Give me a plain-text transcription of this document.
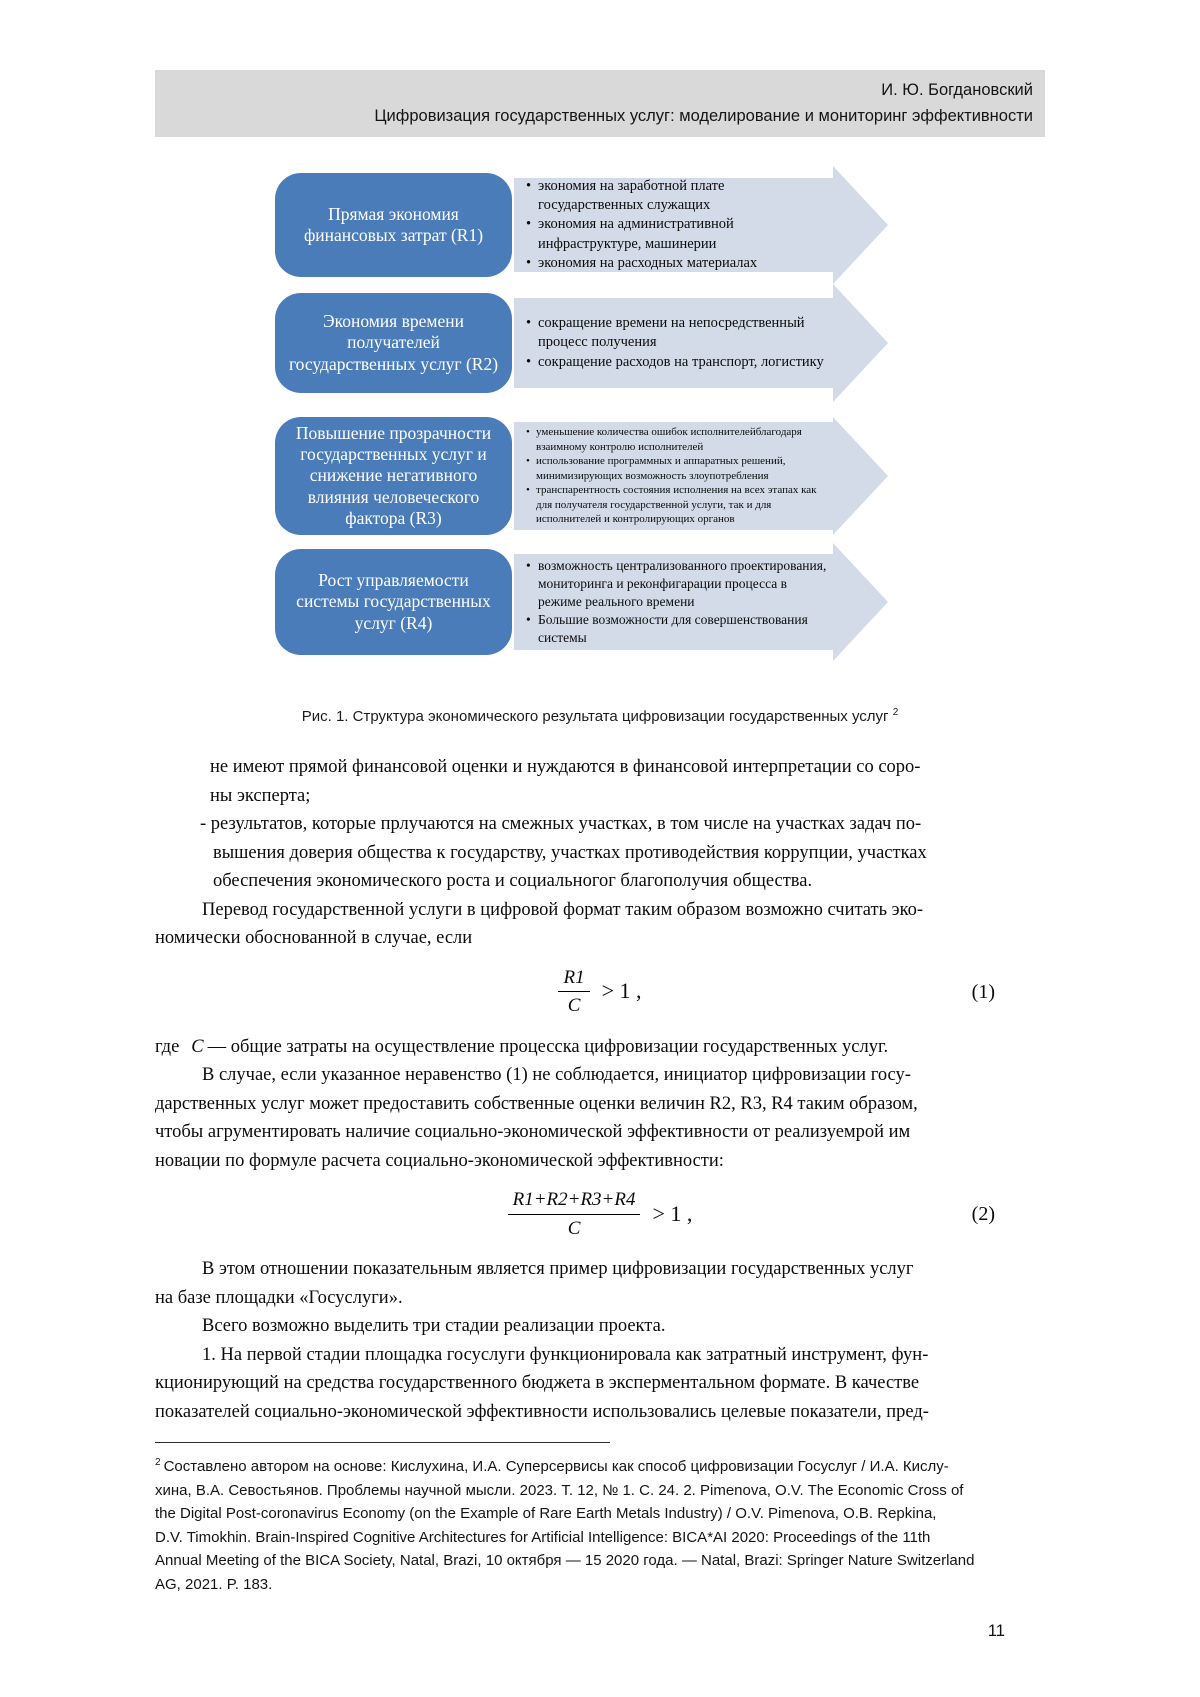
И. Ю. Богдановский
Цифровизация государственных услуг: моделирование и мониторинг эффективности
Прямая экономия финансовых затрат (R1)
• экономия на заработной плате государственных служащих
• экономия на административной инфраструктуре, машинерии
• экономия на расходных материалах
Экономия времени получателей государственных услуг (R2)
• сокращение времени на непосредственный процесс получения
• сокращение расходов на транспорт, логистику
Повышение прозрачности государственных услуг и снижение негативного влияния человеческого фактора (R3)
• уменьшение количества ошибок исполнителейблагодаря взаимному контролю исполнителей
• использование программных и аппаратных решений, минимизирующих возможность злоупотребления
• транспарентность состояния исполнения на всех этапах как для получателя государственной услуги, так и для исполнителей и контролирующих органов
Рост управляемости системы государственных услуг (R4)
• возможность централизованного проектирования, мониторинга и реконфигарации процесса в режиме реального времени
• Большие возможности для совершенствования системы
Рис. 1. Структура экономического результата цифровизации государственных услуг $^2$

не имеют прямой финансовой оценки и нуждаются в финансовой интерпретации со соро-
ны эксперта;

- результатов, которые прлучаются на смежных участках, в том числе на участках задач по-
вышения доверия общества к государству, участках противодействия коррупции, участках
обеспечения экономического роста и социальногог благополучия общества.

Перевод государственной услуги в цифровой формат таким образом возможно считать эко-
номически обоснованной в случае, если

$\frac{R1}{C} > 1$ ,	(1)

где C — общие затраты на осуществление процесска цифровизации государственных услуг.

В случае, если указанное неравенство (1) не соблюдается, инициатор цифровизации госу-
дарственных услуг может предоставить собственные оценки величин R2, R3, R4 таким образом,
чтобы агрументировать наличие социально-экономической эффективности от реализуемрой им
новации по формуле расчета социально-экономической эффективности:

$\frac{R1+R2+R3+R4}{C} > 1$ ,	(2)

В этом отношении показательным является пример цифровизации государственных услуг
на базе площадки «Госуслуги».

Всего возможно выделить три стадии реализации проекта.

1. На первой стадии площадка госуслуги функционировала как затратный инструмент, фун-
кционирующий на средства государственного бюджета в эксперментальном формате. В качестве
показателей социально-экономической эффективности использовались целевые показатели, пред-

$^2$ Составлено автором на основе: Кислухина, И.А. Суперсервисы как способ цифровизации Госуслуг / И.А. Кислу-
хина, В.А. Севостьянов. Проблемы научной мысли. 2023. Т. 12, № 1. С. 24. 2. Pimenova, O.V. The Economic Cross of
the Digital Post-coronavirus Economy (on the Example of Rare Earth Metals Industry) / O.V. Pimenova, O.B. Repkina,
D.V. Timokhin. Brain-Inspired Cognitive Architectures for Artificial Intelligence: BICA*AI 2020: Proceedings of the 11th
Annual Meeting of the BICA Society, Natal, Brazi, 10 октября — 15 2020 года. — Natal, Brazi: Springer Nature Switzerland
AG, 2021. P. 183.
11
